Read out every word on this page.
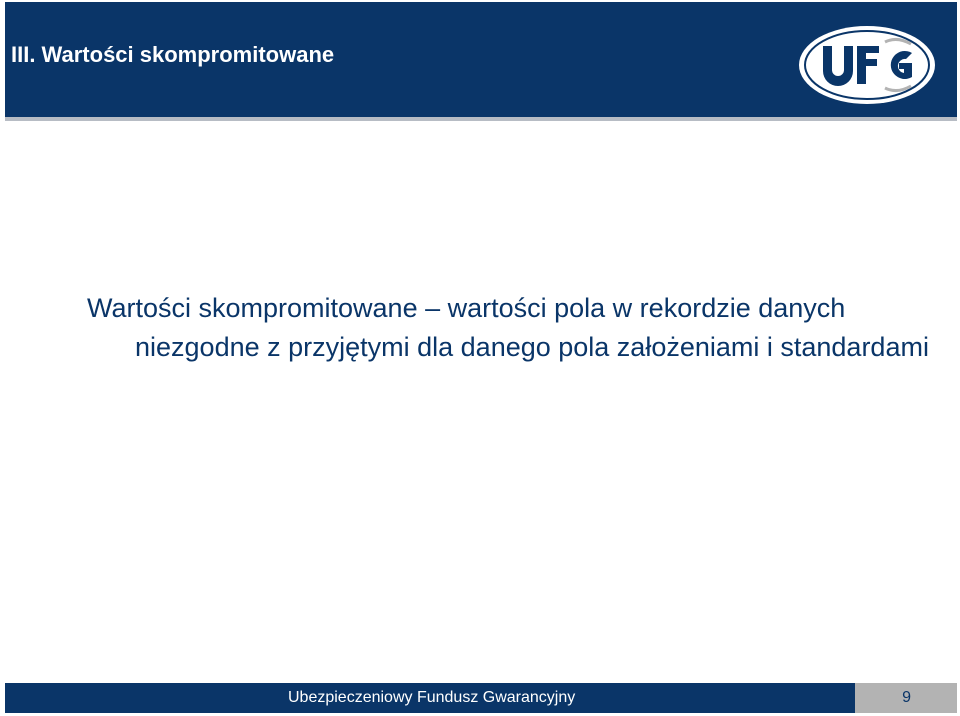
III. Wartości skompromitowane

Wartości skompromitowane – wartości pola w rekordzie danych niezgodne z przyjętymi dla danego pola założeniami i standardami

Ubezpieczeniowy Fundusz Gwarancyjny	9
